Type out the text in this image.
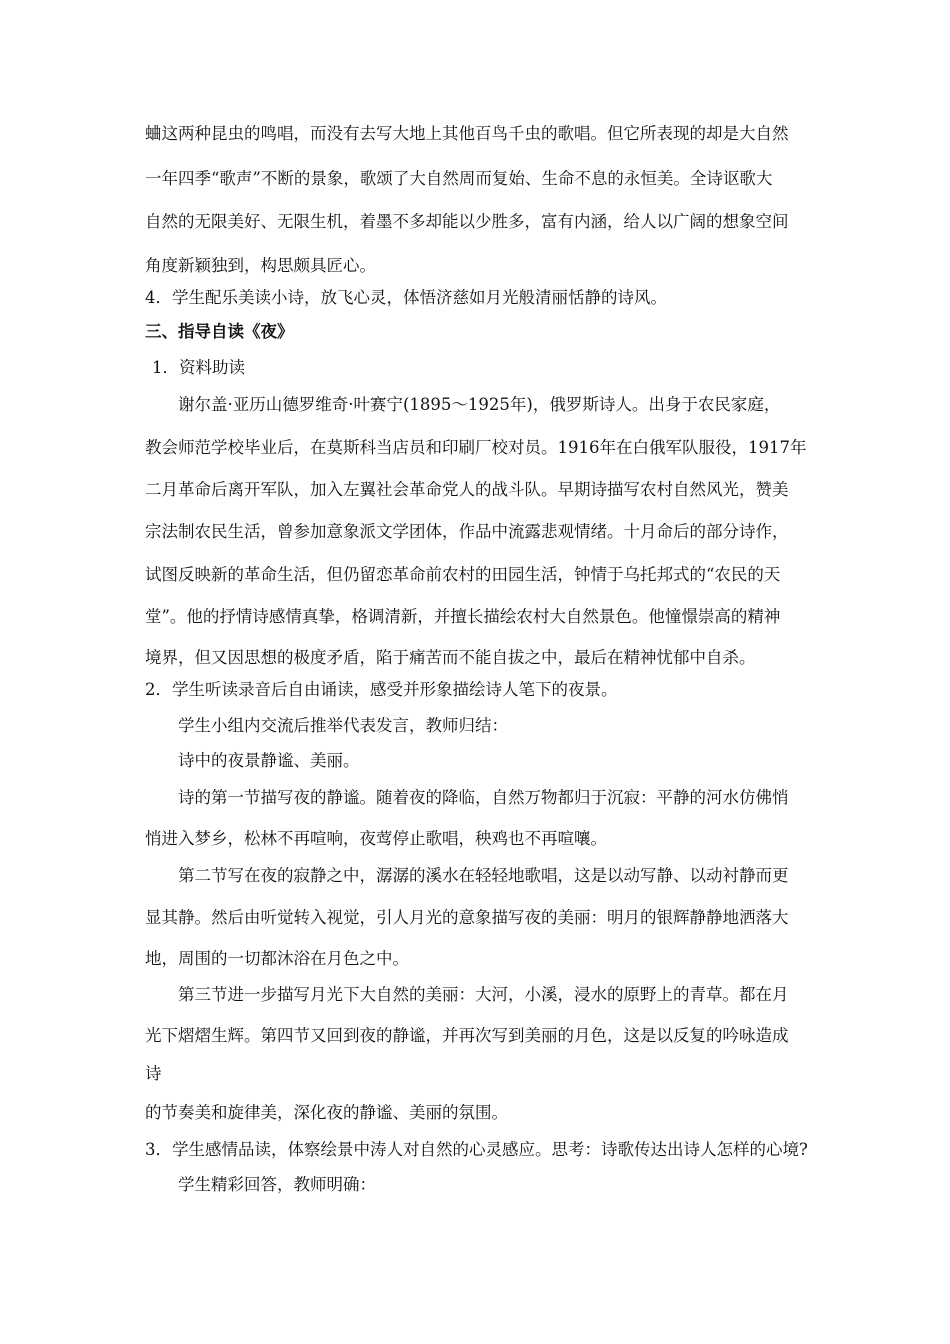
蛐这两种昆虫的鸣唱，而没有去写大地上其他百鸟千虫的歌唱。但它所表现的却是大自然
一年四季“歌声”不断的景象，歌颂了大自然周而复始、生命不息的永恒美。全诗讴歌大
自然的无限美好、无限生机，着墨不多却能以少胜多，富有内涵，给人以广阔的想象空间
角度新颖独到，构思颇具匠心。
4．学生配乐美读小诗，放飞心灵，体悟济慈如月光般清丽恬静的诗风。
三、指导自读《夜》
1．资料助读
谢尔盖·亚历山德罗维奇·叶赛宁(1895～1925年)，俄罗斯诗人。出身于农民家庭，
教会师范学校毕业后，在莫斯科当店员和印刷厂校对员。1916年在白俄军队服役，1917年
二月革命后离开军队，加入左翼社会革命党人的战斗队。早期诗描写农村自然风光，赞美
宗法制农民生活，曾参加意象派文学团体，作品中流露悲观情绪。十月命后的部分诗作，
试图反映新的革命生活，但仍留恋革命前农村的田园生活，钟情于乌托邦式的“农民的天
堂”。他的抒情诗感情真挚，格调清新，并擅长描绘农村大自然景色。他憧憬崇高的精神
境界，但又因思想的极度矛盾，陷于痛苦而不能自拔之中，最后在精神忧郁中自杀。
2．学生听读录音后自由诵读，感受并形象描绘诗人笔下的夜景。
学生小组内交流后推举代表发言，教师归结：
诗中的夜景静谧、美丽。
诗的第一节描写夜的静谧。随着夜的降临，自然万物都归于沉寂：平静的河水仿佛悄
悄进入梦乡，松林不再喧响，夜莺停止歌唱，秧鸡也不再喧嚷。
第二节写在夜的寂静之中，潺潺的溪水在轻轻地歌唱，这是以动写静、以动衬静而更
显其静。然后由听觉转入视觉，引人月光的意象描写夜的美丽：明月的银辉静静地洒落大
地，周围的一切都沐浴在月色之中。
第三节进一步描写月光下大自然的美丽：大河，小溪，浸水的原野上的青草。都在月
光下熠熠生辉。第四节又回到夜的静谧，并再次写到美丽的月色，这是以反复的吟咏造成
诗
的节奏美和旋律美，深化夜的静谧、美丽的氛围。
3．学生感情品读，体察绘景中涛人对自然的心灵感应。思考：诗歌传达出诗人怎样的心境?
学生精彩回答，教师明确：
